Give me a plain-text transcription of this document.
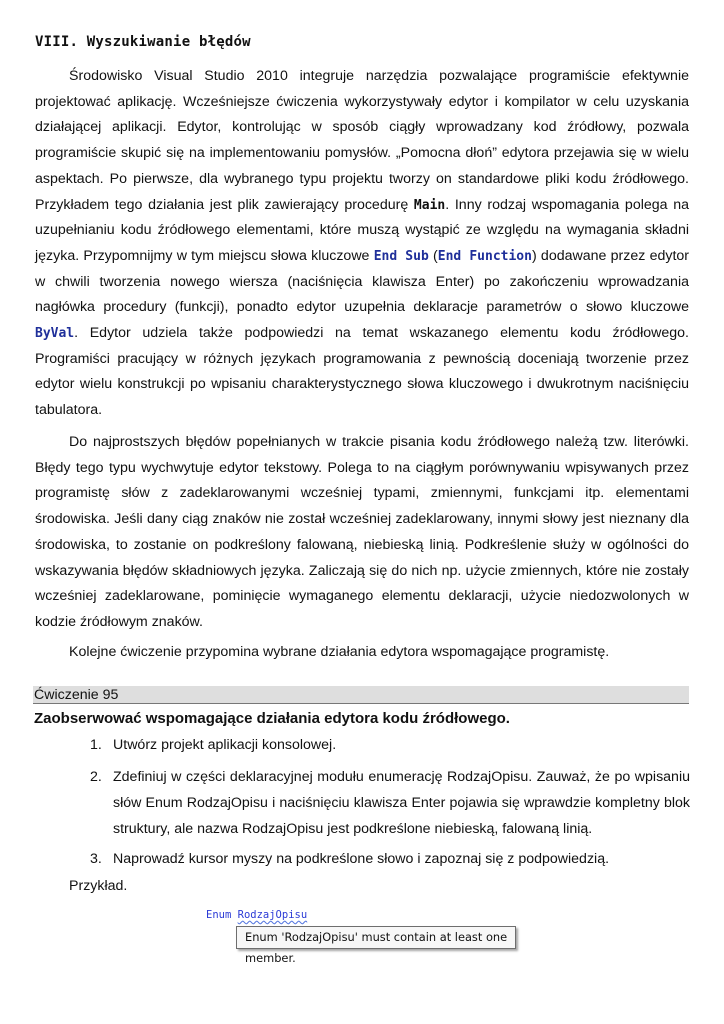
VIII. Wyszukiwanie błędów

Środowisko Visual Studio 2010 integruje narzędzia pozwalające programiście efektywnie projektować aplikację. Wcześniejsze ćwiczenia wykorzystywały edytor i kompilator w celu uzyskania działającej aplikacji. Edytor, kontrolując w sposób ciągły wprowadzany kod źródłowy, pozwala programiście skupić się na implementowaniu pomysłów. „Pomocna dłoń” edytora przejawia się w wielu aspektach. Po pierwsze, dla wybranego typu projektu tworzy on standardowe pliki kodu źródłowego. Przykładem tego działania jest plik zawierający procedurę Main. Inny rodzaj wspomagania polega na uzupełnianiu kodu źródłowego elementami, które muszą wystąpić ze względu na wymagania składni języka. Przypomnijmy w tym miejscu słowa kluczowe End Sub (End Function) dodawane przez edytor w chwili tworzenia nowego wiersza (naciśnięcia klawisza Enter) po zakończeniu wprowadzania nagłówka procedury (funkcji), ponadto edytor uzupełnia deklaracje parametrów o słowo kluczowe ByVal. Edytor udziela także podpowiedzi na temat wskazanego elementu kodu źródłowego. Programiści pracujący w różnych językach programowania z pewnością doceniają tworzenie przez edytor wielu konstrukcji po wpisaniu charakterystycznego słowa kluczowego i dwukrotnym naciśnięciu tabulatora.

Do najprostszych błędów popełnianych w trakcie pisania kodu źródłowego należą tzw. literówki. Błędy tego typu wychwytuje edytor tekstowy. Polega to na ciągłym porównywaniu wpisywanych przez programistę słów z zadeklarowanymi wcześniej typami, zmiennymi, funkcjami itp. elementami środowiska. Jeśli dany ciąg znaków nie został wcześniej zadeklarowany, innymi słowy jest nieznany dla środowiska, to zostanie on podkreślony falowaną, niebieską linią. Podkreślenie służy w ogólności do wskazywania błędów składniowych języka. Zaliczają się do nich np. użycie zmiennych, które nie zostały wcześniej zadeklarowane, pominięcie wymaganego elementu deklaracji, użycie niedozwolonych w kodzie źródłowym znaków.

Kolejne ćwiczenie przypomina wybrane działania edytora wspomagające programistę.

Ćwiczenie 95
Zaobserwować wspomagające działania edytora kodu źródłowego.
1. Utwórz projekt aplikacji konsolowej.
2. Zdefiniuj w części deklaracyjnej modułu enumerację RodzajOpisu. Zauważ, że po wpisaniu słów Enum RodzajOpisu i naciśnięciu klawisza Enter pojawia się wprawdzie kompletny blok struktury, ale nazwa RodzajOpisu jest podkreślone niebieską, falowaną linią.
3. Naprowadź kursor myszy na podkreślone słowo i zapoznaj się z podpowiedzią.
Przykład.
Enum RodzajOpisu
Enum 'RodzajOpisu' must contain at least one member.
